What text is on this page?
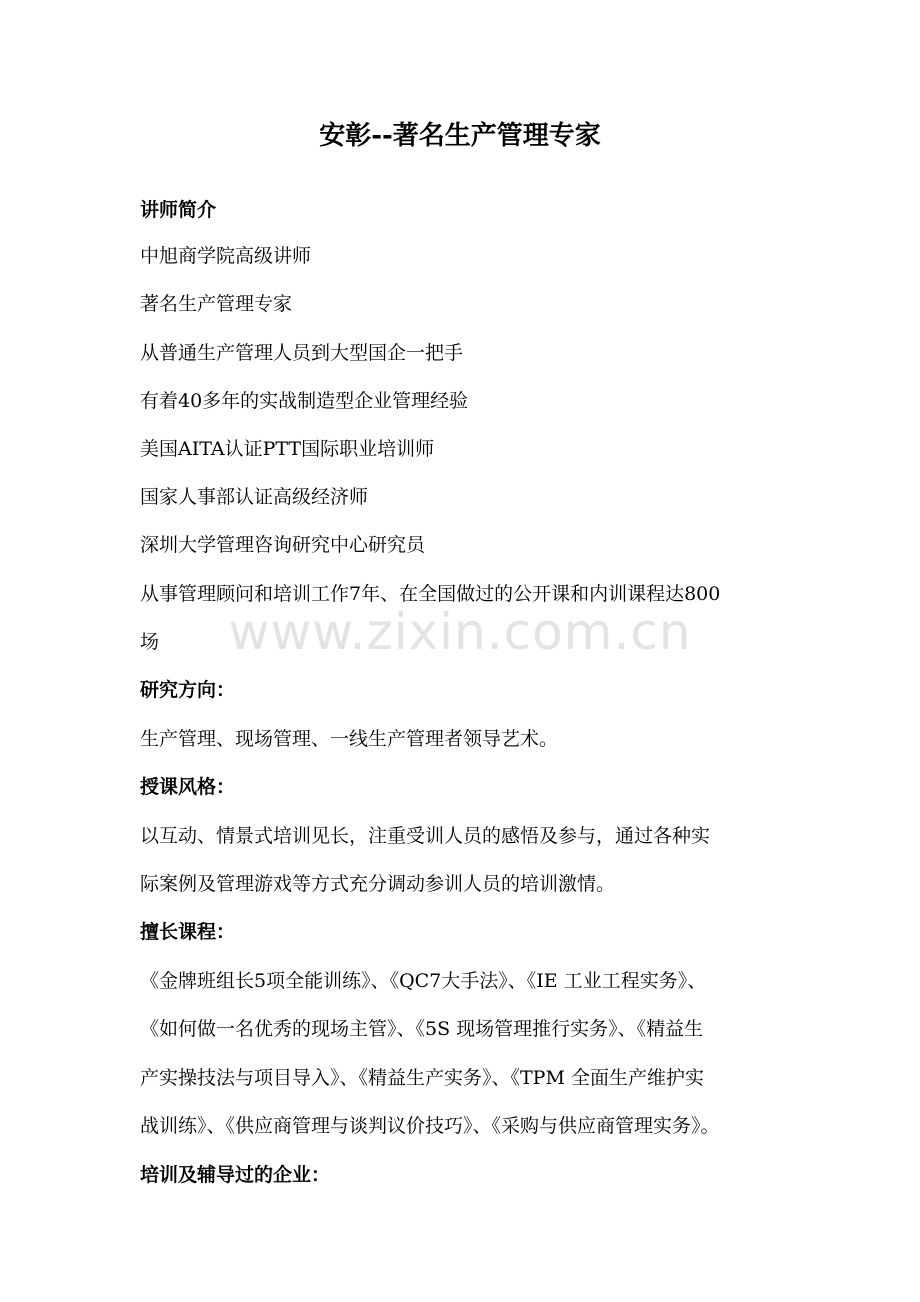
安彰--著名生产管理专家

讲师简介

中旭商学院高级讲师

著名生产管理专家

从普通生产管理人员到大型国企一把手

有着40多年的实战制造型企业管理经验

美国AITA认证PTT国际职业培训师

国家人事部认证高级经济师

深圳大学管理咨询研究中心研究员

从事管理顾问和培训工作7年、在全国做过的公开课和内训课程达800

场

研究方向：

生产管理、现场管理、一线生产管理者领导艺术。

授课风格：

以互动、情景式培训见长，注重受训人员的感悟及参与，通过各种实

际案例及管理游戏等方式充分调动参训人员的培训激情。

擅长课程：

《金牌班组长5项全能训练》、《QC7大手法》、《IE 工业工程实务》、

《如何做一名优秀的现场主管》、《5S 现场管理推行实务》、《精益生

产实操技法与项目导入》、《精益生产实务》、《TPM 全面生产维护实

战训练》、《供应商管理与谈判议价技巧》、《采购与供应商管理实务》。

培训及辅导过的企业：

www.zixin.com.cn
